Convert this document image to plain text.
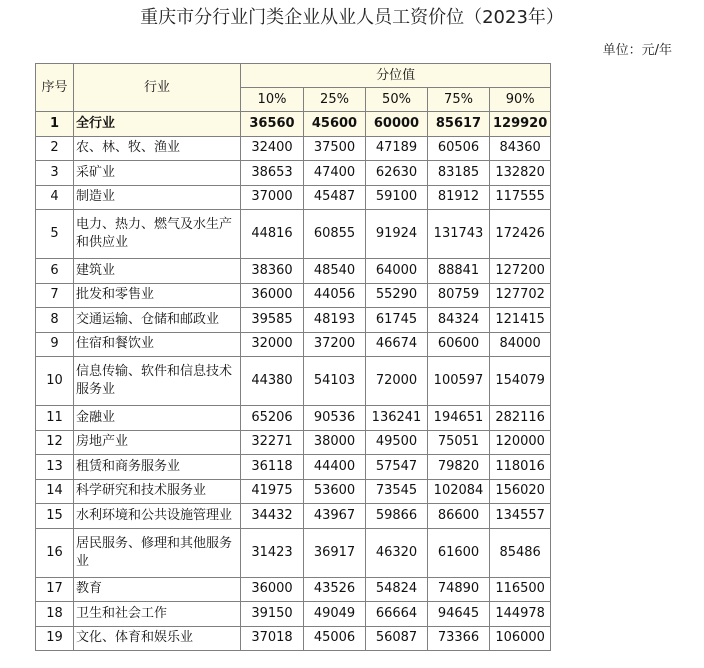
重庆市分行业门类企业从业人员工资价位（2023年）
单位：元/年
序号	行业	分位值				
		10%	25%	50%	75%	90%
1	全行业	36560	45600	60000	85617	129920
2	农、林、牧、渔业	32400	37500	47189	60506	84360
3	采矿业	38653	47400	62630	83185	132820
4	制造业	37000	45487	59100	81912	117555
5	电力、热力、燃气及水生产和供应业	44816	60855	91924	131743	172426
6	建筑业	38360	48540	64000	88841	127200
7	批发和零售业	36000	44056	55290	80759	127702
8	交通运输、仓储和邮政业	39585	48193	61745	84324	121415
9	住宿和餐饮业	32000	37200	46674	60600	84000
10	信息传输、软件和信息技术服务业	44380	54103	72000	100597	154079
11	金融业	65206	90536	136241	194651	282116
12	房地产业	32271	38000	49500	75051	120000
13	租赁和商务服务业	36118	44400	57547	79820	118016
14	科学研究和技术服务业	41975	53600	73545	102084	156020
15	水利环境和公共设施管理业	34432	43967	59866	86600	134557
16	居民服务、修理和其他服务业	31423	36917	46320	61600	85486
17	教育	36000	43526	54824	74890	116500
18	卫生和社会工作	39150	49049	66664	94645	144978
19	文化、体育和娱乐业	37018	45006	56087	73366	106000
